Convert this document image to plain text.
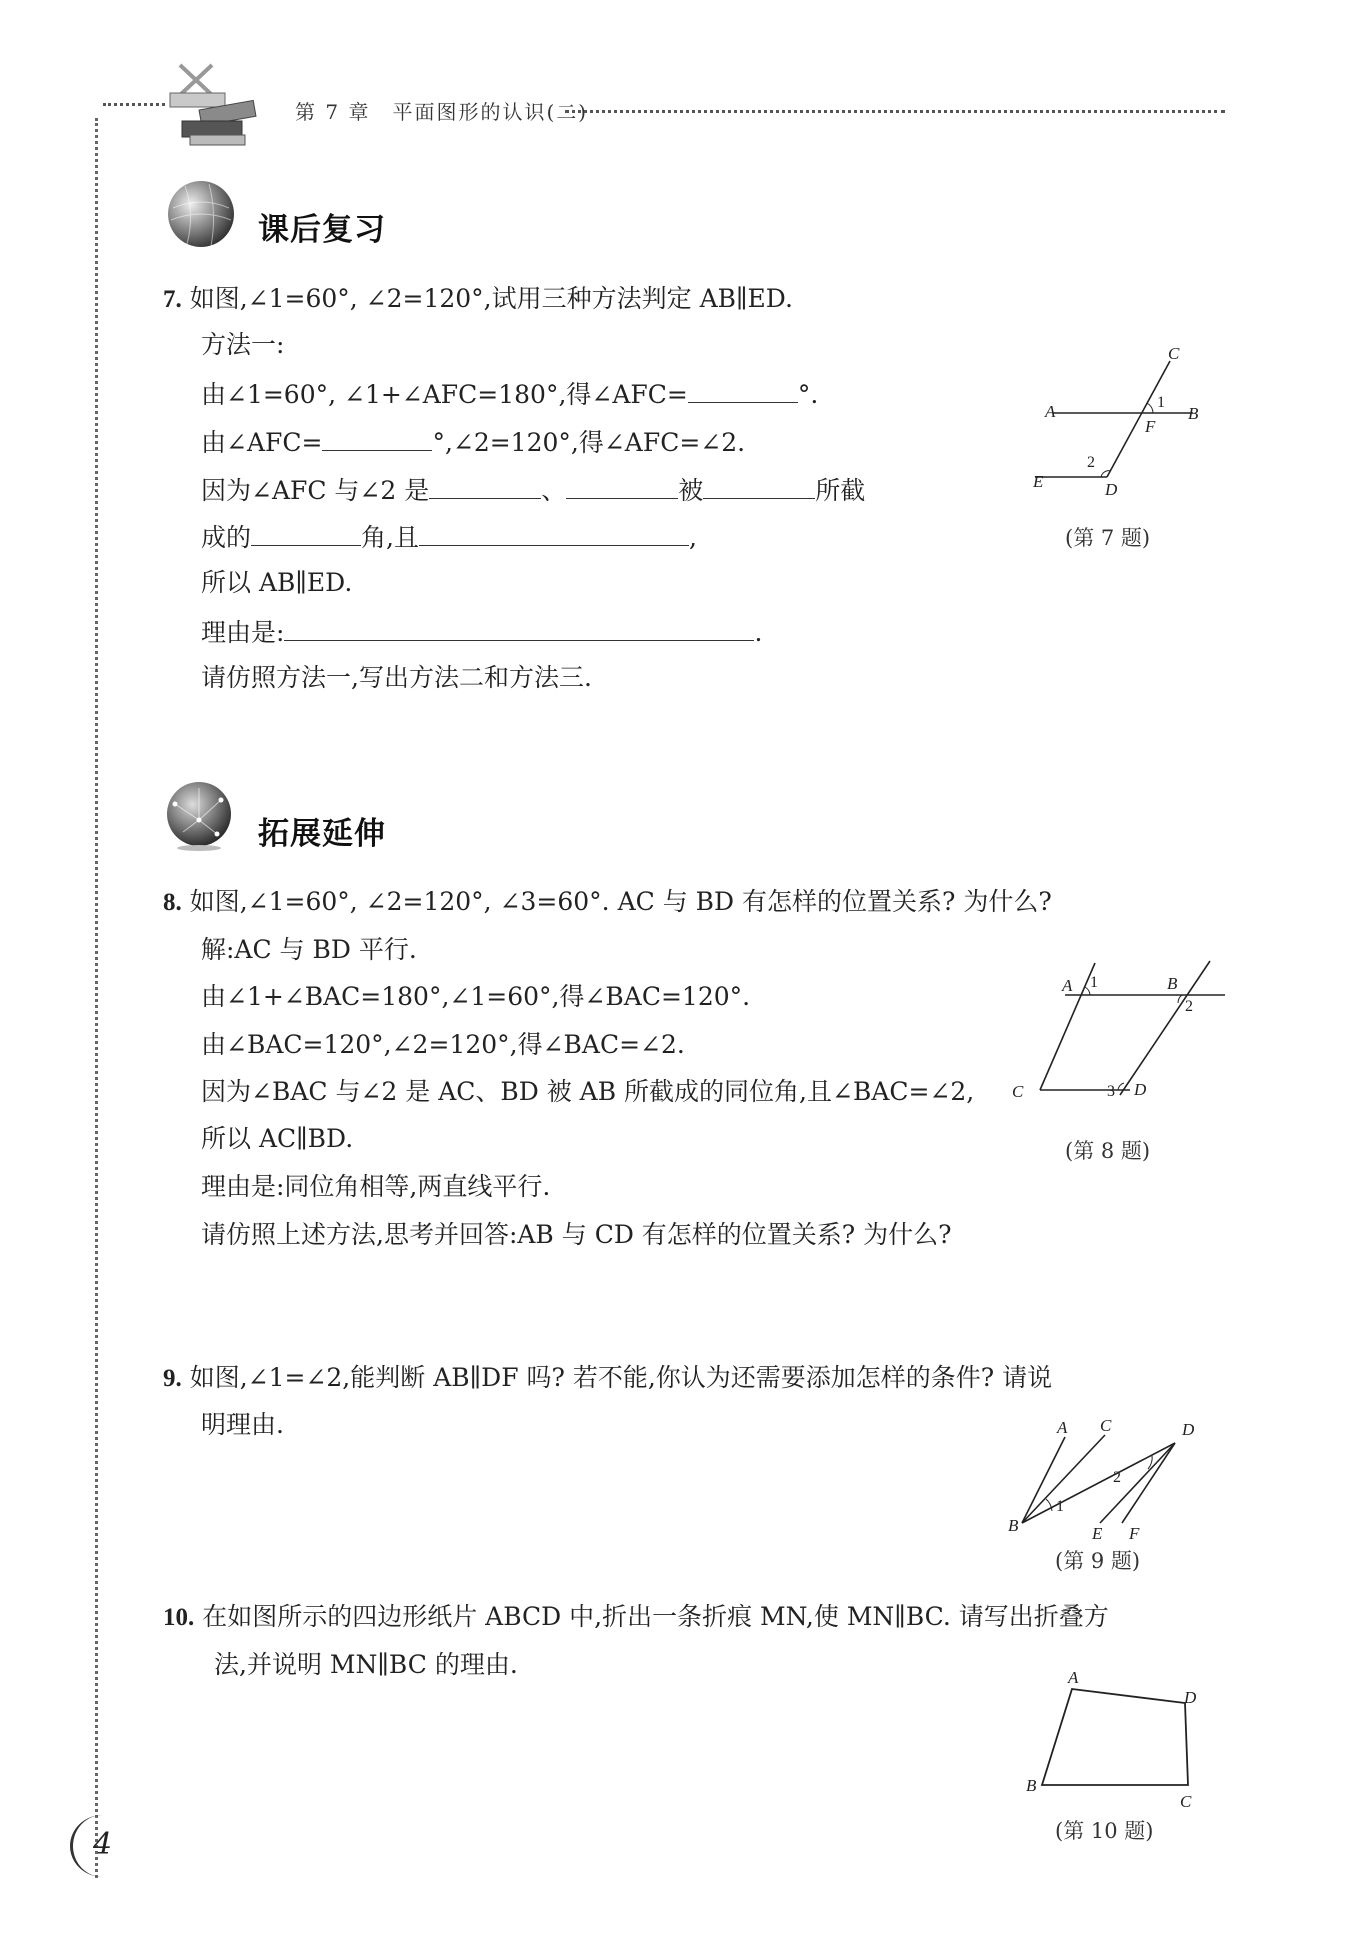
第 7 章　平面图形的认识(二)
课后复习
7. 如图,∠1=60°, ∠2=120°,试用三种方法判定 AB∥ED.
方法一:
由∠1=60°, ∠1+∠AFC=180°,得∠AFC=	°.
由∠AFC=	°,∠2=120°,得∠AFC=∠2.
因为∠AFC 与∠2 是	、	被	所截
成的	角,且	,
所以 AB∥ED.
理由是:	.
请仿照方法一,写出方法二和方法三.
C
1
A	B
F
2
E	D
(第 7 题)
拓展延伸
8. 如图,∠1=60°, ∠2=120°, ∠3=60°. AC 与 BD 有怎样的位置关系? 为什么?
解:AC 与 BD 平行.
由∠1+∠BAC=180°,∠1=60°,得∠BAC=120°.
由∠BAC=120°,∠2=120°,得∠BAC=∠2.
因为∠BAC 与∠2 是 AC、BD 被 AB 所截成的同位角,且∠BAC=∠2,
所以 AC∥BD.
理由是:同位角相等,两直线平行.
请仿照上述方法,思考并回答:AB 与 CD 有怎样的位置关系? 为什么?
A 1	B
2
C	3 D
(第 8 题)
9. 如图,∠1=∠2,能判断 AB∥DF 吗? 若不能,你认为还需要添加怎样的条件? 请说
明理由.	A C	D
1
2
B	E F
(第 9 题)
10. 在如图所示的四边形纸片 ABCD 中,折出一条折痕 MN,使 MN∥BC. 请写出折叠方
法,并说明 MN∥BC 的理由.	A
D
B
C
(第 10 题)
4
